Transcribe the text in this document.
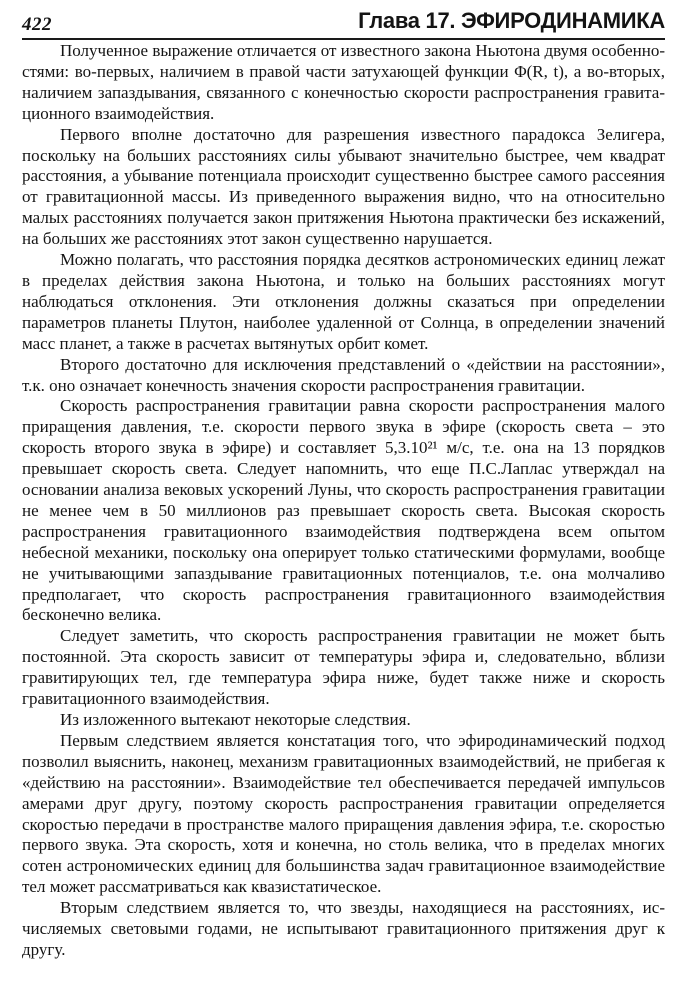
422	Глава 17. ЭФИРОДИНАМИКА

Полученное выражение отличается от известного закона Ньютона двумя особенностями: во-первых, наличием в правой части затухающей функции Φ(R, t), а во-вторых, наличием запаздывания, связанного с конечностью скорости распространения гравитационного взаимодействия.

Первого вполне достаточно для разрешения известного парадокса Зелигера, поскольку на больших расстояниях силы убывают значительно быстрее, чем квадрат расстояния, а убывание потенциала происходит существенно быстрее самого рассеяния от гравитационной массы. Из приведенного выражения видно, что на относительно малых расстояниях получается закон притяжения Ньютона практически без искажений, на больших же расстояниях этот закон существенно нарушается.

Можно полагать, что расстояния порядка десятков астрономических единиц лежат в пределах действия закона Ньютона, и только на больших расстояниях могут наблюдаться отклонения. Эти отклонения должны сказаться при определении параметров планеты Плутон, наиболее удаленной от Солнца, в определении значений масс планет, а также в расчетах вытянутых орбит комет.

Второго достаточно для исключения представлений о «действии на расстоянии», т.к. оно означает конечность значения скорости распространения гравитации.

Скорость распространения гравитации равна скорости распространения малого приращения давления, т.е. скорости первого звука в эфире (скорость света – это скорость второго звука в эфире) и составляет 5,3.10²¹ м/с, т.е. она на 13 порядков превышает скорость света. Следует напомнить, что еще П.С.Лаплас утверждал на основании анализа вековых ускорений Луны, что скорость распространения гравитации не менее чем в 50 миллионов раз превышает скорость света. Высокая скорость распространения гравитационного взаимодействия подтверждена всем опытом небесной механики, поскольку она оперирует только статическими формулами, вообще не учитывающими запаздывание гравитационных потенциалов, т.е. она молчаливо предполагает, что скорость распространения гравитационного взаимодействия бесконечно велика.

Следует заметить, что скорость распространения гравитации не может быть постоянной. Эта скорость зависит от температуры эфира и, следовательно, вблизи гравитирующих тел, где температура эфира ниже, будет также ниже и скорость гравитационного взаимодействия.

Из изложенного вытекают некоторые следствия.

Первым следствием является констатация того, что эфиродинамический подход позволил выяснить, наконец, механизм гравитационных взаимодействий, не прибегая к «действию на расстоянии». Взаимодействие тел обеспечивается передачей импульсов амерами друг другу, поэтому скорость распространения гравитации определяется скоростью передачи в пространстве малого приращения давления эфира, т.е. скоростью первого звука. Эта скорость, хотя и конечна, но столь велика, что в пределах многих сотен астрономических единиц для большинства задач гравитационное взаимодействие тел может рассматриваться как квазистатическое.

Вторым следствием является то, что звезды, находящиеся на расстояниях, исчисляемых световыми годами, не испытывают гравитационного притяжения друг к другу.
